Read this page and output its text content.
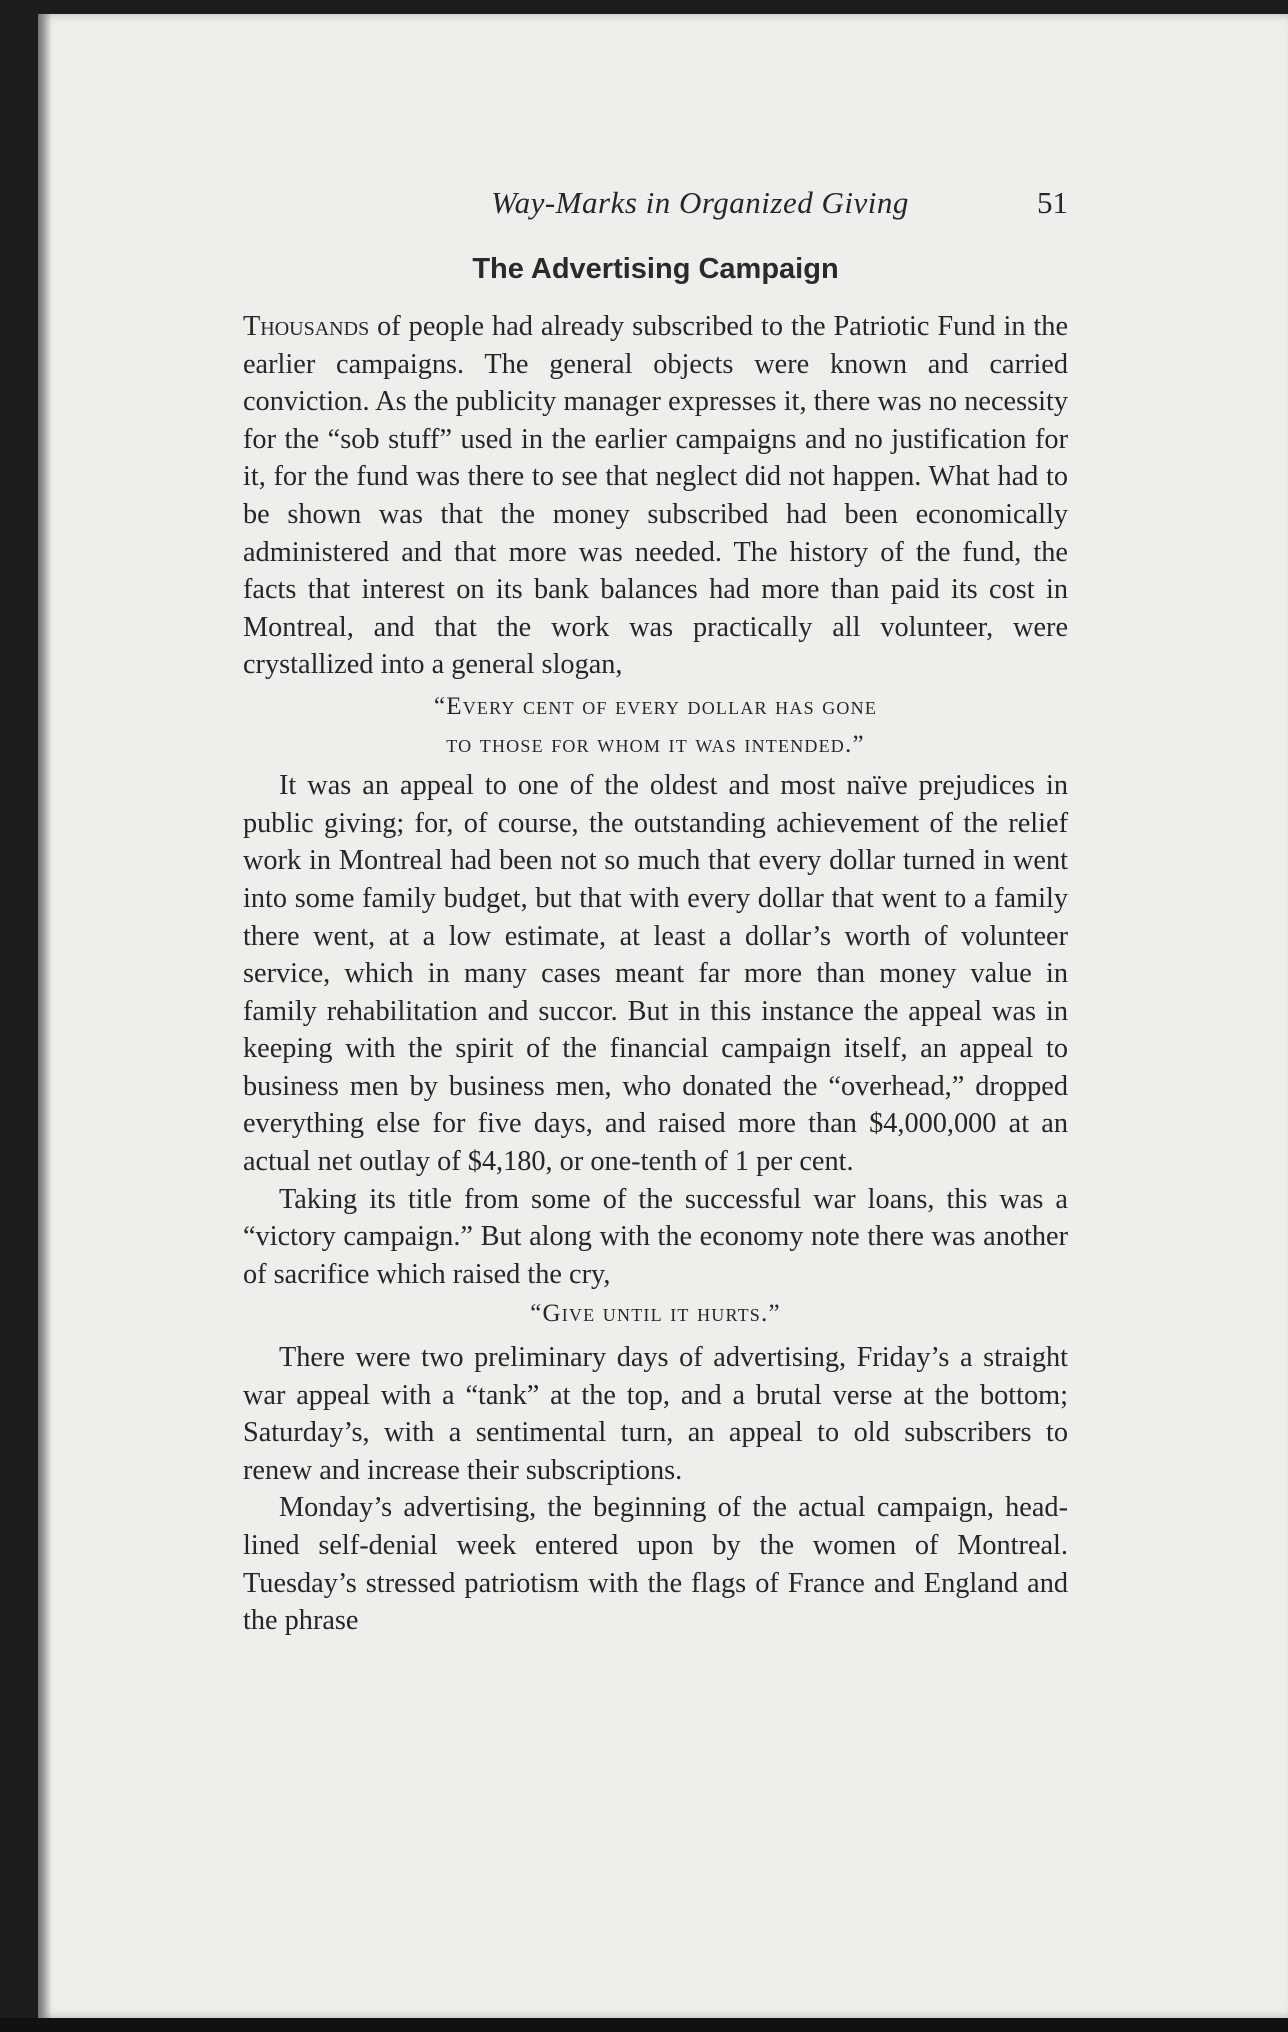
Way-Marks in Organized Giving	51
The Advertising Campaign

Thousands of people had already subscribed to the Patriotic Fund in the earlier campaigns. The general objects were known and carried conviction. As the publicity manager expresses it, there was no necessity for the “sob stuff” used in the earlier campaigns and no justification for it, for the fund was there to see that neglect did not happen. What had to be shown was that the money subscribed had been economically administered and that more was needed. The history of the fund, the facts that interest on its bank balances had more than paid its cost in Montreal, and that the work was practically all volunteer, were crystallized into a general slogan,

“Every cent of every dollar has gone
to those for whom it was intended.”

It was an appeal to one of the oldest and most naïve prejudices in public giving; for, of course, the outstanding achievement of the relief work in Montreal had been not so much that every dollar turned in went into some family budget, but that with every dollar that went to a family there went, at a low estimate, at least a dollar’s worth of volunteer service, which in many cases meant far more than money value in family rehabilitation and succor. But in this instance the appeal was in keeping with the spirit of the financial campaign itself, an appeal to business men by business men, who donated the “overhead,” dropped everything else for five days, and raised more than $4,000,000 at an actual net outlay of $4,180, or one-tenth of 1 per cent.

Taking its title from some of the successful war loans, this was a “victory campaign.” But along with the economy note there was another of sacrifice which raised the cry,

“Give until it hurts.”

There were two preliminary days of advertising, Friday’s a straight war appeal with a “tank” at the top, and a brutal verse at the bottom; Saturday’s, with a sentimental turn, an appeal to old subscribers to renew and increase their subscriptions.

Monday’s advertising, the beginning of the actual campaign, head-lined self-denial week entered upon by the women of Montreal. Tuesday’s stressed patriotism with the flags of France and England and the phrase
